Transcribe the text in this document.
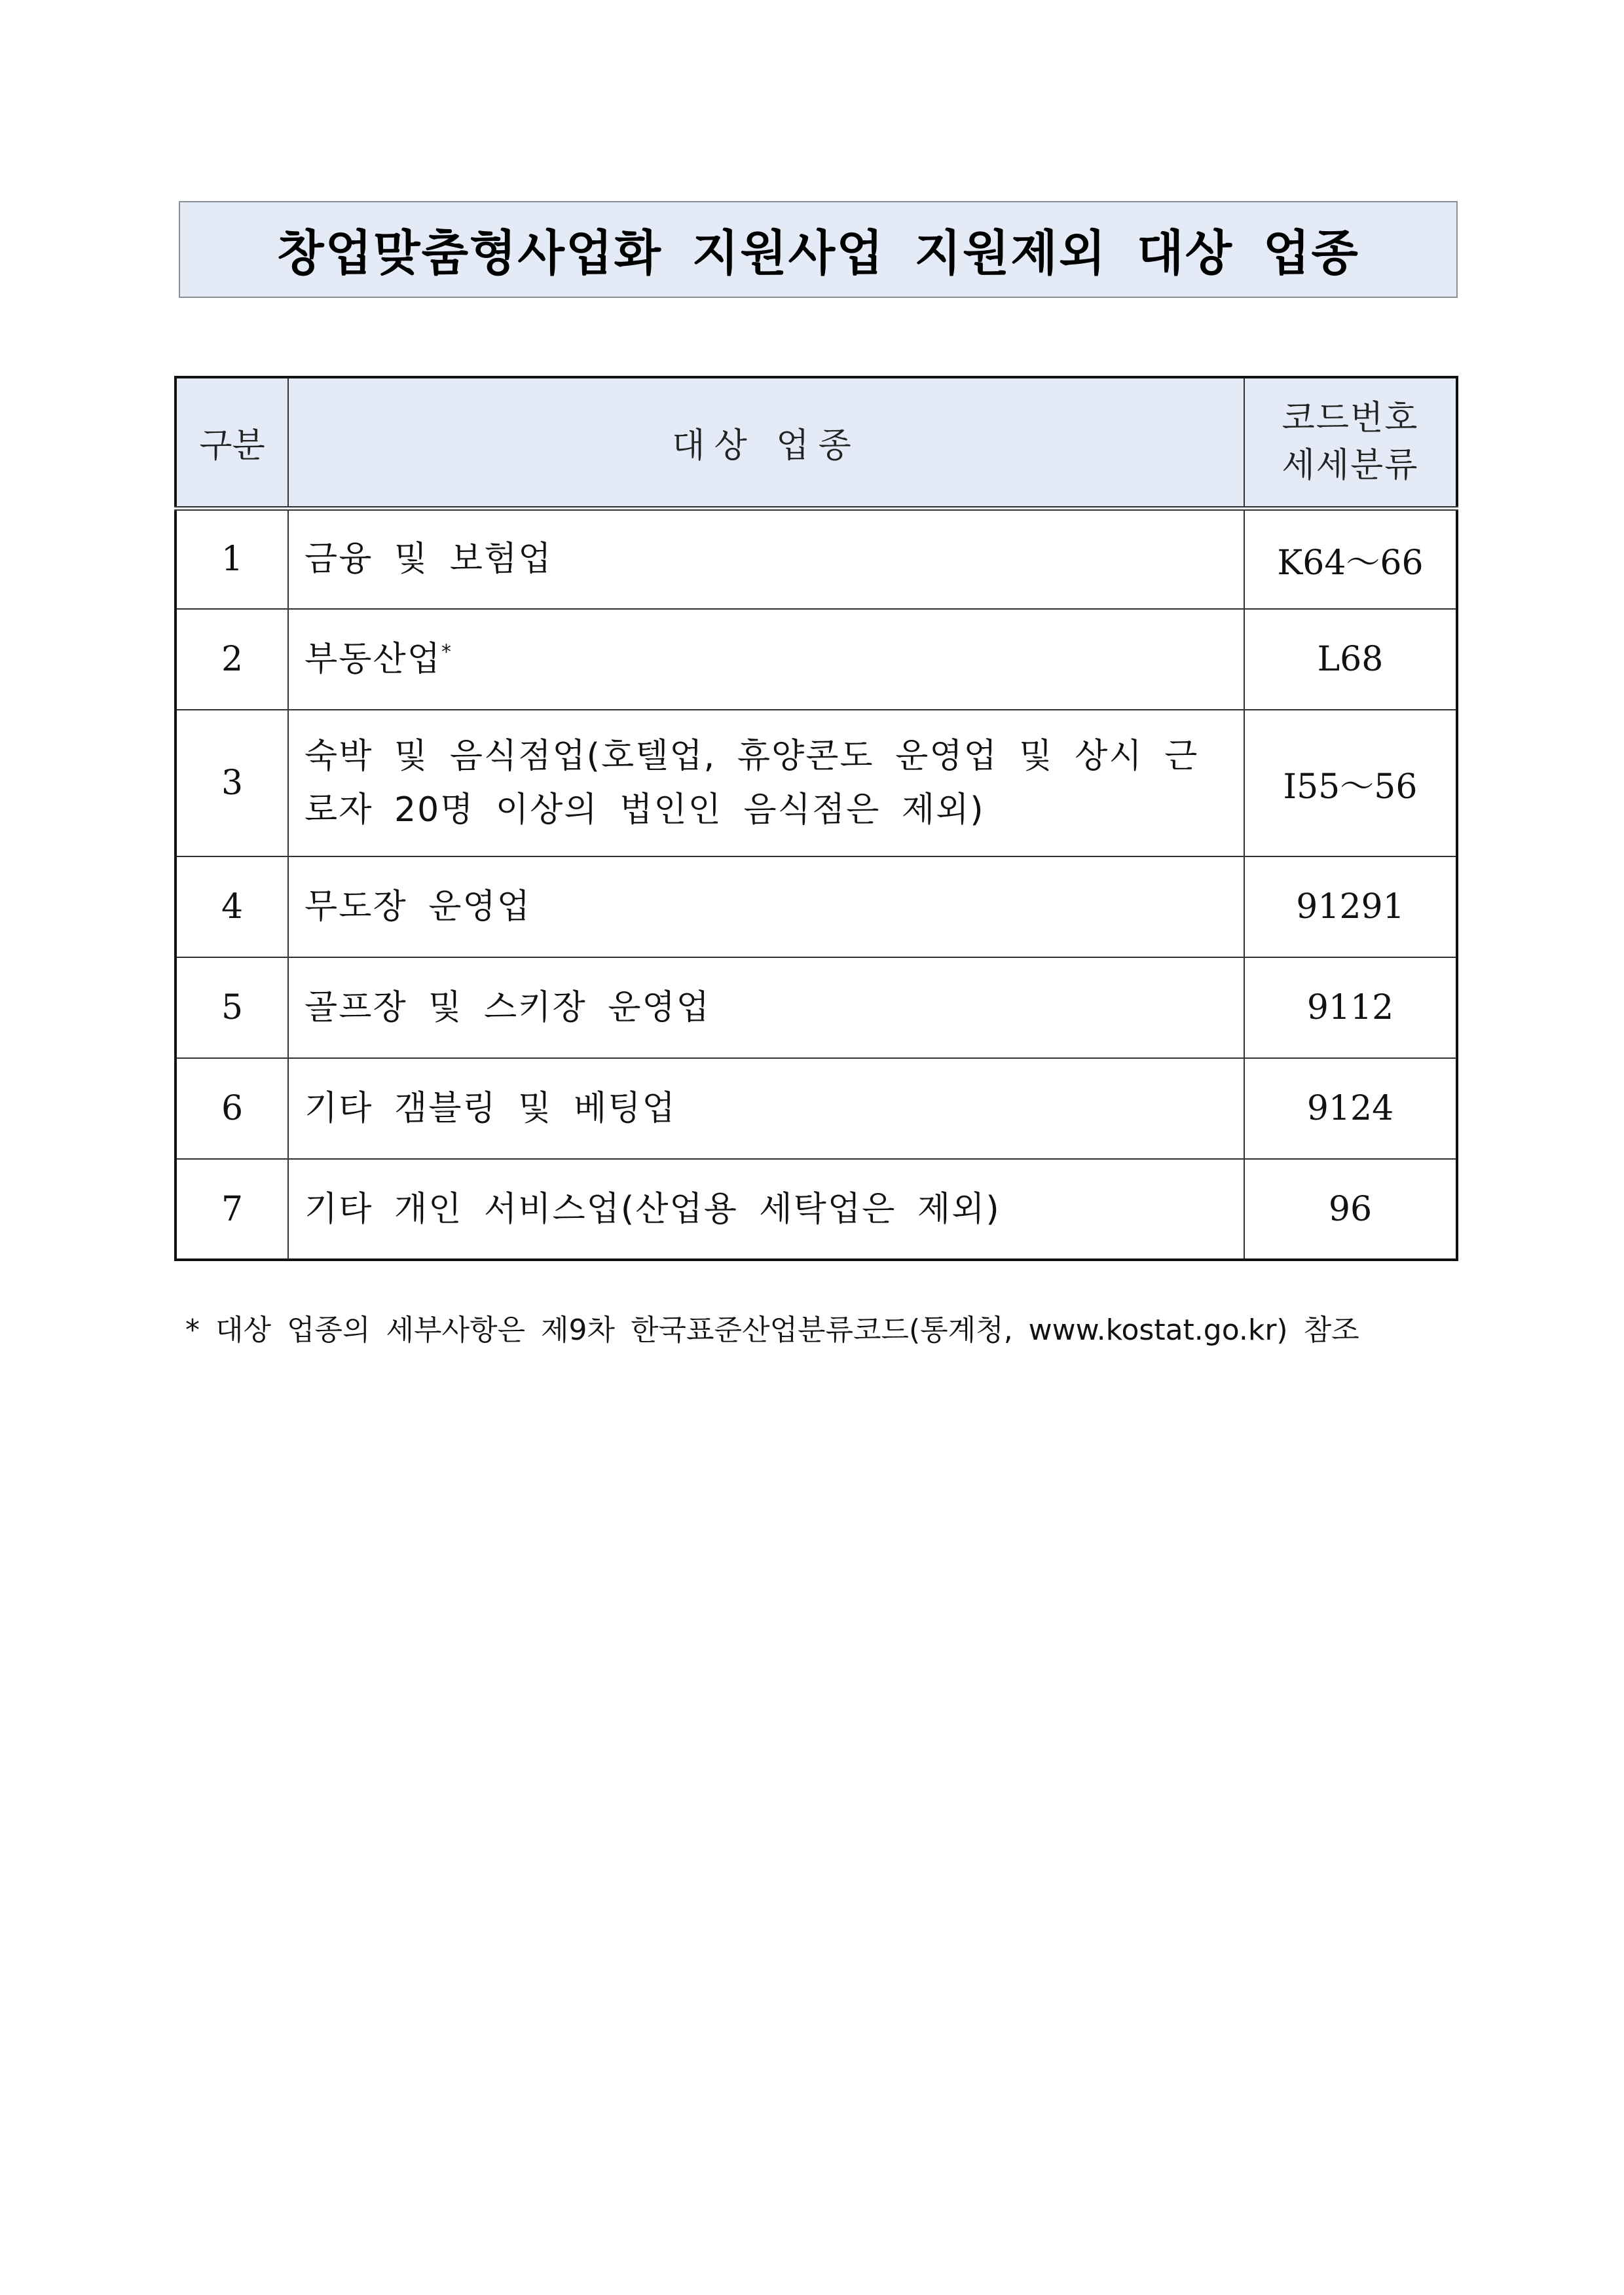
창업맞춤형사업화 지원사업 지원제외 대상 업종
구분	대상 업종	코드번호
세세분류

1	금융 및 보험업	K64～66
2	부동산업*	L68
3	숙박 및 음식점업(호텔업, 휴양콘도 운영업 및 상시 근로자 20명 이상의 법인인 음식점은 제외)	I55～56
4	무도장 운영업	91291
5	골프장 및 스키장 운영업	9112
6	기타 갬블링 및 베팅업	9124
7	기타 개인 서비스업(산업용 세탁업은 제외)	96
* 대상 업종의 세부사항은 제9차 한국표준산업분류코드(통계청, www.kostat.go.kr) 참조
